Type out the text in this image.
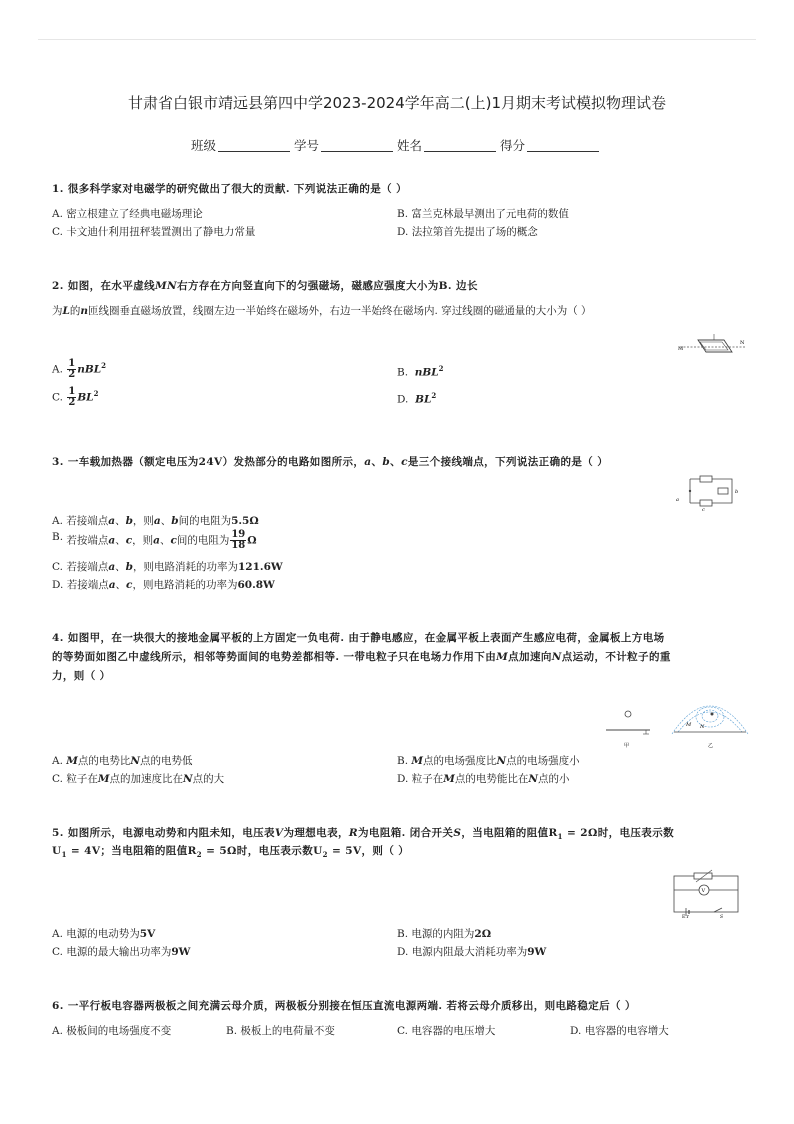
甘肃省白银市靖远县第四中学2023-2024学年高二(上)1月期末考试模拟物理试卷
班级	学号	姓名	得分
1. 很多科学家对电磁学的研究做出了很大的贡献. 下列说法正确的是（ ）
A. 密立根建立了经典电磁场理论	B. 富兰克林最早测出了元电荷的数值
C. 卡文迪什利用扭秤装置测出了静电力常量	D. 法拉第首先提出了场的概念
2. 如图，在水平虚线MN右方存在方向竖直向下的匀强磁场，磁感应强度大小为B. 边长
为L的n匝线圈垂直磁场放置，线圈左边一半始终在磁场外，右边一半始终在磁场内. 穿过线圈的磁通量的大小为（ ）
M
N
A. $\frac{1}{2} nBL^2$
B. nBL$^2$
C. $\frac{1}{2} BL^2$	D. $BL^2$
3. 一车载加热器（额定电压为24V）发热部分的电路如图所示，a、b、c是三个接线端点，下列说法正确的是（ ）
a
b
c
A. 若接端点a、b，则a、b间的电阻为5.5Ω
B. 若按端点a、c，则a、c间的电阻为 $\frac{19}{18}$ Ω
C. 若接端点a、b，则电路消耗的功率为121.6W
D. 若接端点a、c，则电路消耗的功率为60.8W
4. 如图甲，在一块很大的接地金属平板的上方固定一负电荷. 由于静电感应，在金属平板上表面产生感应电荷，金属板上方电场
的等势面如图乙中虚线所示，相邻等势面间的电势差都相等. 一带电粒子只在电场力作用下由M点加速向N点运动，不计粒子的重
力，则（ ）
甲
M N
乙
A. M点的电势比N点的电势低	B. M点的电场强度比N点的电场强度小
C. 粒子在M点的加速度比在N点的大	D. 粒子在M点的电势能比在N点的小
5. 如图所示，电源电动势和内阻未知，电压表V为理想电表，R为电阻箱. 闭合开关S，当电阻箱的阻值$R_1 = 2\Omega$时，电压表示数
$U_1 = 4V$；当电阻箱的阻值$R_2 = 5\Omega$时，电压表示数$U_2 = 5V$，则（ ）
V
E,r	S
A. 电源的电动势为5V	B. 电源的内阻为2Ω
C. 电源的最大输出功率为9W	D. 电源内阻最大消耗功率为9W
6. 一平行板电容器两极板之间充满云母介质，两极板分别接在恒压直流电源两端. 若将云母介质移出，则电路稳定后（ ）
A. 极板间的电场强度不变	B. 极板上的电荷量不变	C. 电容器的电压增大	D. 电容器的电容增大
